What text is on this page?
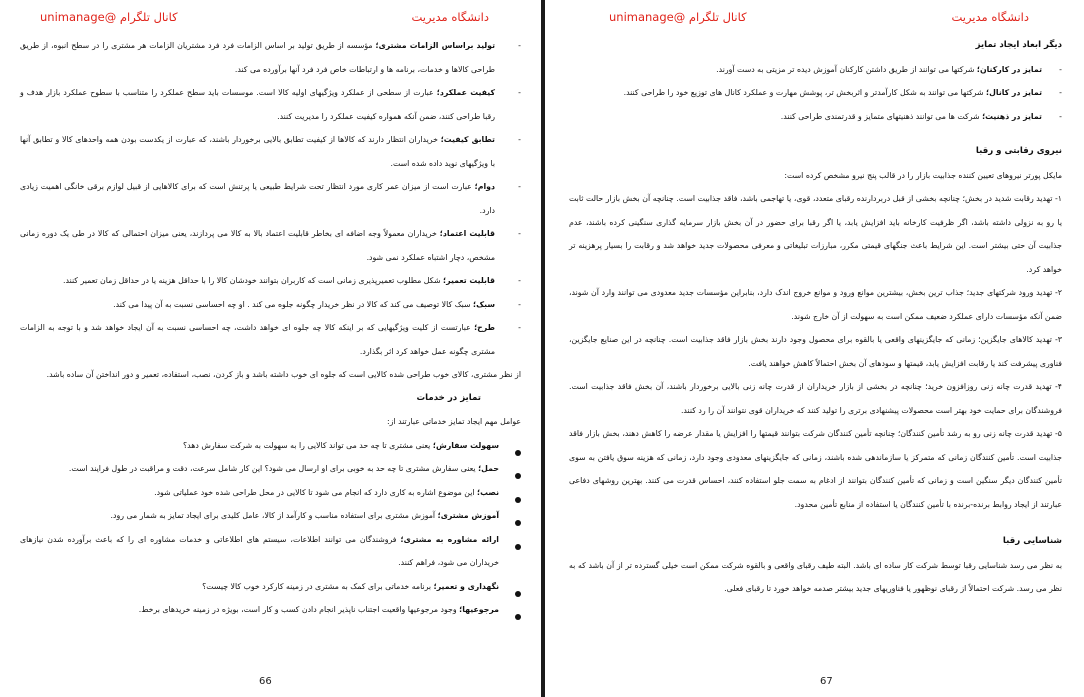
دانشگاه مدیریت
کانال تلگرام @unimanage
-
تولید براساس الزامات مشتری؛ مؤسسه از طریق تولید بر اساس الزامات فرد فرد مشتریان الزامات هر مشتری را در سطح انبوه، از طریق طراحی کالاها و خدمات، برنامه ها و ارتباطات خاص فرد فرد آنها برآورده می کند.
-
کیفیت عملکرد؛ عبارت از سطحی از عملکرد ویژگیهای اولیه کالا است. موسسات باید سطح عملکرد را متناسب با سطوح عملکرد بازار هدف و رقبا طراحی کنند، ضمن آنکه همواره کیفیت عملکرد را مدیریت کنند.
-
تطابق کیفیت؛ خریداران انتظار دارند که کالاها از کیفیت تطابق بالایی برخوردار باشند، که عبارت از یکدست بودن همه واحدهای کالا و تطابق آنها با ویژگیهای نوید داده شده است.
-
دوام؛ عبارت است از میزان عمر کاری مورد انتظار تحت شرایط طبیعی یا پرتنش است که برای کالاهایی از قبیل لوازم برقی خانگی اهمیت زیادی دارد.
-
قابلیت اعتماد؛ خریداران معمولاً وجه اضافه ای بخاطر قابلیت اعتماد بالا به کالا می پردازند، یعنی میزان احتمالی که کالا در طی یک دوره زمانی مشخص، دچار اشتباه عملکرد نمی شود.
-
قابلیت تعمیر؛ شکل مطلوب تعمیرپذیری زمانی است که کاربران بتوانند خودشان کالا را با حداقل هزینه یا در حداقل زمان تعمیر کنند.
-
سبک؛ سبک کالا توصیف می کند که کالا در نظر خریدار چگونه جلوه می کند . او چه احساسی نسبت به آن پیدا می کند.
-
طرح؛ عبارتست از کلیت ویژگیهایی که بر اینکه کالا چه جلوه ای خواهد داشت، چه احساسی نسبت به آن ایجاد خواهد شد و با توجه به الزامات مشتری چگونه عمل خواهد کرد اثر بگذارد.

از نظر مشتری، کالای خوب طراحی شده کالایی است که جلوه ای خوب داشته باشد و باز کردن، نصب، استفاده، تعمیر و دور انداختن آن ساده باشد.

تمایز در خدمات

عوامل مهم ایجاد تمایز خدماتی عبارتند از:

سهولت سفارش؛ یعنی مشتری تا چه حد می تواند کالایی را به سهولت به شرکت سفارش دهد؟
حمل؛ یعنی سفارش مشتری تا چه حد به خوبی برای او ارسال می شود؟ این کار شامل سرعت، دقت و مراقبت در طول فرایند است.
نصب؛ این موضوع اشاره به کاری دارد که انجام می شود تا کالایی در محل طراحی شده خود عملیاتی شود.
آموزش مشتری؛ آموزش مشتری برای استفاده مناسب و کارآمد از کالا، عامل کلیدی برای ایجاد تمایز به شمار می رود.
ارائه مشاوره به مشتری؛ فروشندگان می توانند اطلاعات، سیستم های اطلاعاتی و خدمات مشاوره ای را که باعث برآورده شدن نیازهای خریداران می شود، فراهم کنند.
نگهداری و تعمیر؛ برنامه خدماتی برای کمک به مشتری در زمینه کارکرد خوب کالا چیست؟
مرجوعیها؛ وجود مرجوعیها واقعیت اجتناب ناپذیر انجام دادن کسب و کار است، بویژه در زمینه خریدهای برخط.
66
دانشگاه مدیریت
کانال تلگرام @unimanage

دیگر ابعاد ایجاد تمایز

-
تمایز در کارکنان؛ شرکتها می توانند از طریق داشتن کارکنان آموزش دیده تر مزیتی به دست آورند.
-
تمایز در کانال؛ شرکتها می توانند به شکل کارآمدتر و اثربخش تر، پوشش مهارت و عملکرد کانال های توزیع خود را طراحی کنند.
-
تمایز در ذهنیت؛ شرکت ها می توانند ذهنیتهای متمایز و قدرتمندی طراحی کنند.

نیروی رقابتی و رقبا

مایکل پورتر نیروهای تعیین کننده جذابیت بازار را در قالب پنج نیرو مشخص کرده است:

۱- تهدید رقابت شدید در بخش؛ چنانچه بخشی از قبل دربردارنده رقبای متعدد، قوی، یا تهاجمی باشد، فاقد جذابیت است. چنانچه آن بخش بازار حالت ثابت یا رو به نزولی داشته باشد، اگر ظرفیت کارخانه باید افزایش یابد، یا اگر رقبا برای حضور در آن بخش بازار سرمایه گذاری سنگینی کرده باشند، عدم جذابیت آن حتی بیشتر است. این شرایط باعث جنگهای قیمتی مکرر، مبارزات تبلیغاتی و معرفی محصولات جدید خواهد شد و رقابت را بسیار پرهزینه تر خواهد کرد.

۲- تهدید ورود شرکتهای جدید؛ جذاب ترین بخش، بیشترین موانع ورود و موانع خروج اندک دارد، بنابراین مؤسسات جدید معدودی می توانند وارد آن شوند، ضمن آنکه مؤسسات دارای عملکرد ضعیف ممکن است به سهولت از آن خارج شوند.

۳- تهدید کالاهای جایگزین؛ زمانی که جایگزینهای واقعی یا بالقوه برای محصول وجود دارند بخش بازار فاقد جذابیت است. چنانچه در این صنایع جایگزین، فناوری پیشرفت کند یا رقابت افزایش یابد، قیمتها و سودهای آن بخش احتمالاً کاهش خواهند یافت.

۴- تهدید قدرت چانه زنی روزافزون خرید؛ چنانچه در بخشی از بازار خریداران از قدرت چانه زنی بالایی برخوردار باشند، آن بخش فاقد جذابیت است. فروشندگان برای حمایت خود بهتر است محصولات پیشنهادی برتری را تولید کنند که خریداران قوی نتوانند آن را رد کنند.

۵- تهدید قدرت چانه زنی رو به رشد تأمین کنندگان؛ چنانچه تأمین کنندگان شرکت بتوانند قیمتها را افزایش یا مقدار عرضه را کاهش دهند، بخش بازار فاقد جذابیت است. تأمین کنندگان زمانی که متمرکز یا سازماندهی شده باشند، زمانی که جایگزینهای معدودی وجود دارد، زمانی که هزینه سوق یافتن به سوی تأمین کنندگان دیگر سنگین است و زمانی که تأمین کنندگان بتوانند از ادغام به سمت جلو استفاده کنند، احساس قدرت می کنند. بهترین روشهای دفاعی عبارتند از ایجاد روابط برنده-برنده با تأمین کنندگان یا استفاده از منابع تأمین محدود.

شناسایی رقبا

به نظر می رسد شناسایی رقبا توسط شرکت کار ساده ای باشد. البته طیف رقبای واقعی و بالقوه شرکت ممکن است خیلی گسترده تر از آن باشد که به نظر می رسد. شرکت احتمالاً از رقبای نوظهور یا فناوریهای جدید بیشتر صدمه خواهد خورد تا رقبای فعلی.

67
